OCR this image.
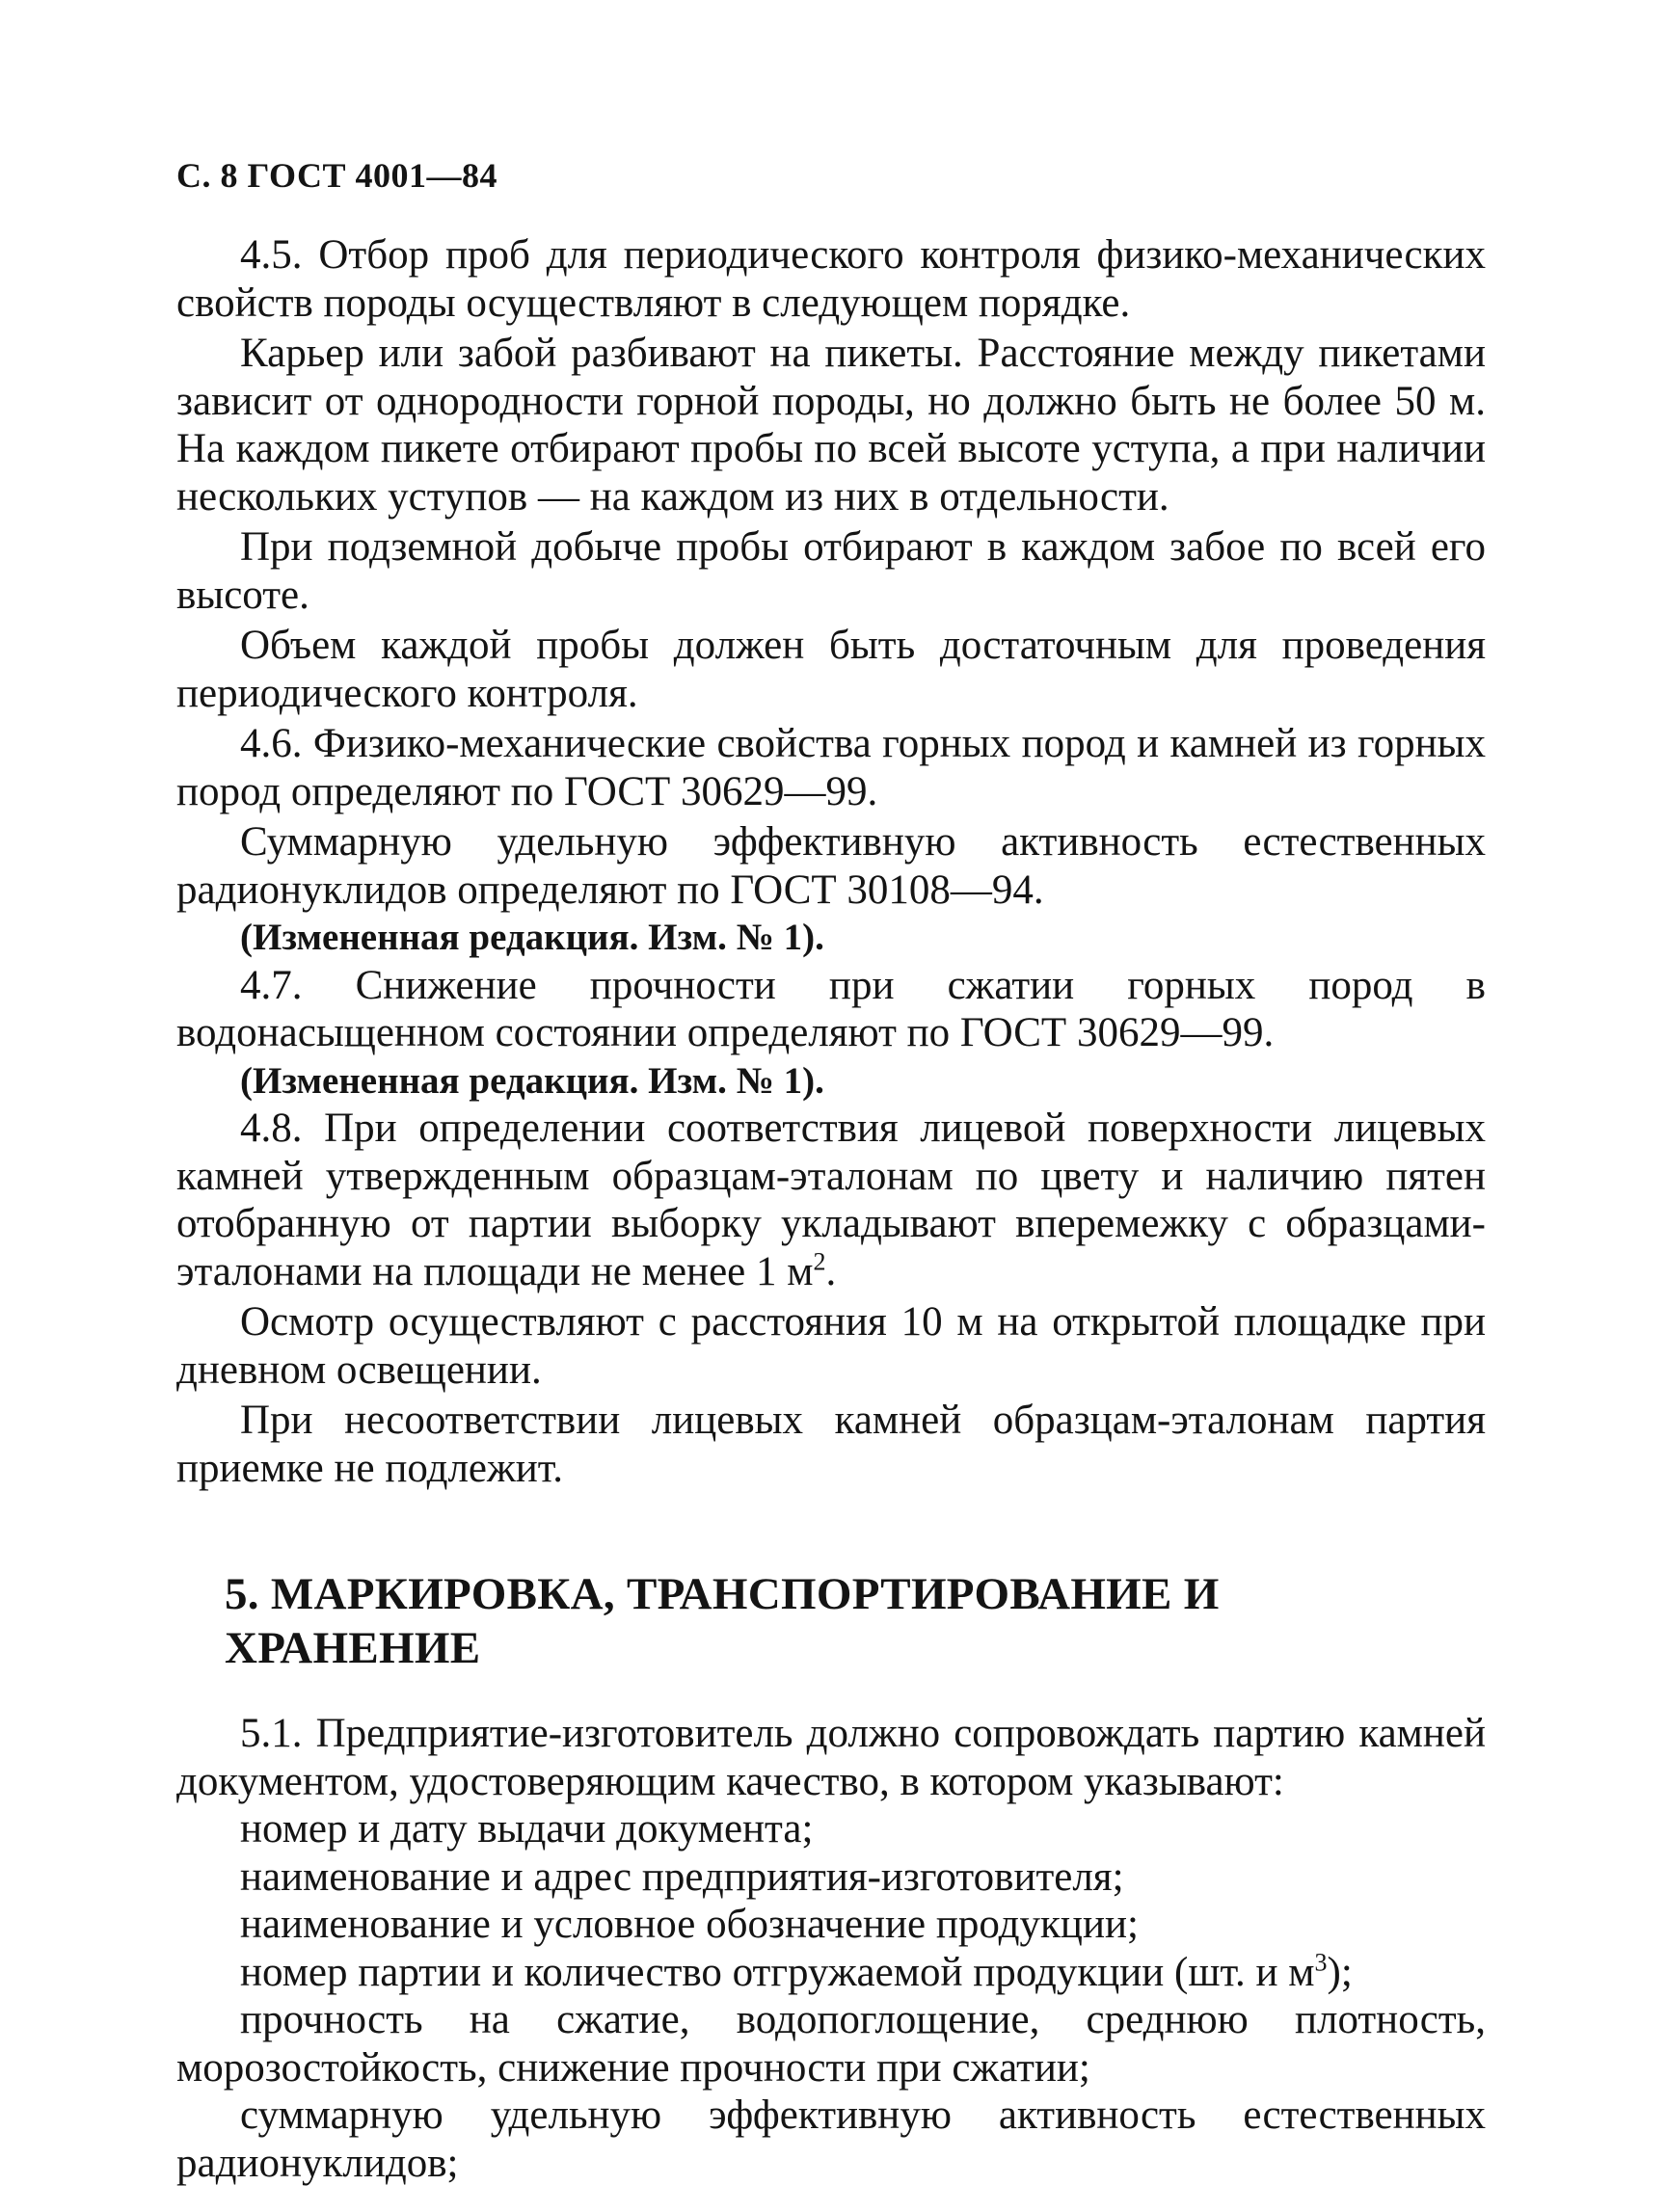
С. 8 ГОСТ 4001—84

4.5. Отбор проб для периодического контроля физико-механических свойств породы осуществляют в следующем порядке.

Карьер или забой разбивают на пикеты. Расстояние между пикетами зависит от однородности горной породы, но должно быть не более 50 м. На каждом пикете отбирают пробы по всей высоте уступа, а при наличии нескольких уступов — на каждом из них в отдельности.

При подземной добыче пробы отбирают в каждом забое по всей его высоте.

Объем каждой пробы должен быть достаточным для проведения периодического контроля.

4.6. Физико-механические свойства горных пород и камней из горных пород определяют по ГОСТ 30629—99.

Суммарную удельную эффективную активность естественных радионуклидов определяют по ГОСТ 30108—94.

(Измененная редакция. Изм. № 1).

4.7. Снижение прочности при сжатии горных пород в водонасыщенном состоянии определяют по ГОСТ 30629—99.

(Измененная редакция. Изм. № 1).

4.8. При определении соответствия лицевой поверхности лицевых камней утвержденным образцам-эталонам по цвету и наличию пятен отобранную от партии выборку укладывают вперемежку с образцами-эталонами на площади не менее 1 $м^2$.

Осмотр осуществляют с расстояния 10 м на открытой площадке при дневном освещении.

При несоответствии лицевых камней образцам-эталонам партия приемке не подлежит.

5. МАРКИРОВКА, ТРАНСПОРТИРОВАНИЕ И ХРАНЕНИЕ

5.1. Предприятие-изготовитель должно сопровождать партию камней документом, удостоверяющим качество, в котором указывают:

номер и дату выдачи документа;

наименование и адрес предприятия-изготовителя;

наименование и условное обозначение продукции;

номер партии и количество отгружаемой продукции (шт. и $м^3$);

прочность на сжатие, водопоглощение, среднюю плотность, морозостойкость, снижение прочности при сжатии;

суммарную удельную эффективную активность естественных радионуклидов;
